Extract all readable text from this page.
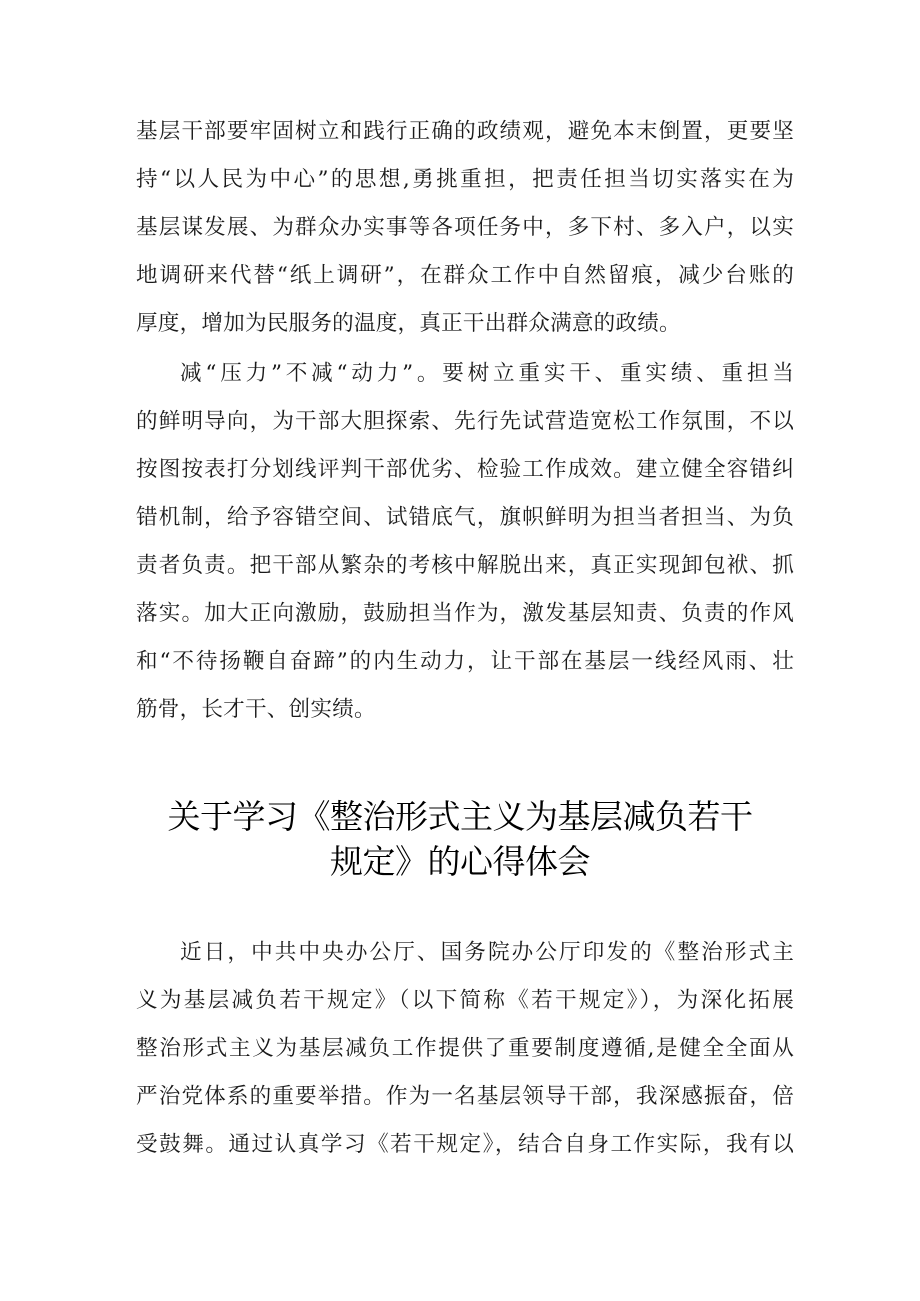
基层干部要牢固树立和践行正确的政绩观，避免本末倒置，更要坚
持“以人民为中心”的思想,勇挑重担，把责任担当切实落实在为
基层谋发展、为群众办实事等各项任务中，多下村、多入户，以实
地调研来代替“纸上调研”，在群众工作中自然留痕，减少台账的
厚度，增加为民服务的温度，真正干出群众满意的政绩。
减“压力”不减“动力”。要树立重实干、重实绩、重担当
的鲜明导向，为干部大胆探索、先行先试营造宽松工作氛围，不以
按图按表打分划线评判干部优劣、检验工作成效。建立健全容错纠
错机制，给予容错空间、试错底气，旗帜鲜明为担当者担当、为负
责者负责。把干部从繁杂的考核中解脱出来，真正实现卸包袱、抓
落实。加大正向激励，鼓励担当作为，激发基层知责、负责的作风
和“不待扬鞭自奋蹄”的内生动力，让干部在基层一线经风雨、壮
筋骨，长才干、创实绩。
关于学习《整治形式主义为基层减负若干
规定》的心得体会
近日，中共中央办公厅、国务院办公厅印发的《整治形式主
义为基层减负若干规定》（以下简称《若干规定》），为深化拓展
整治形式主义为基层减负工作提供了重要制度遵循,是健全全面从
严治党体系的重要举措。作为一名基层领导干部，我深感振奋，倍
受鼓舞。通过认真学习《若干规定》，结合自身工作实际，我有以
